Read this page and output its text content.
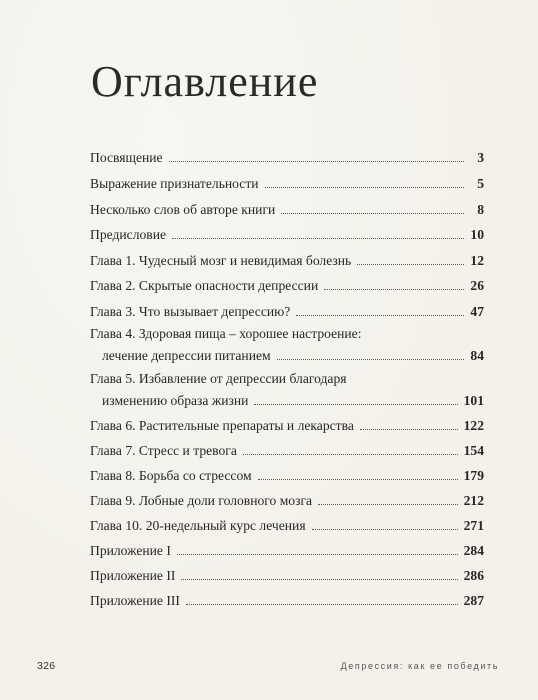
Оглавление
Посвящение	3
Выражение признательности	5
Несколько слов об авторе книги	8
Предисловие	10
Глава 1. Чудесный мозг и невидимая болезнь	12
Глава 2. Скрытые опасности депрессии	26
Глава 3. Что вызывает депрессию?	47
Глава 4. Здоровая пища – хорошее настроение:
лечение депрессии питанием	84
Глава 5. Избавление от депрессии благодаря
изменению образа жизни	101
Глава 6. Растительные препараты и лекарства	122
Глава 7. Стресс и тревога	154
Глава 8. Борьба со стрессом	179
Глава 9. Лобные доли головного мозга	212
Глава 10. 20-недельный курс лечения	271
Приложение I	284
Приложение II	286
Приложение III	287
326	Депрессия: как ее победить
